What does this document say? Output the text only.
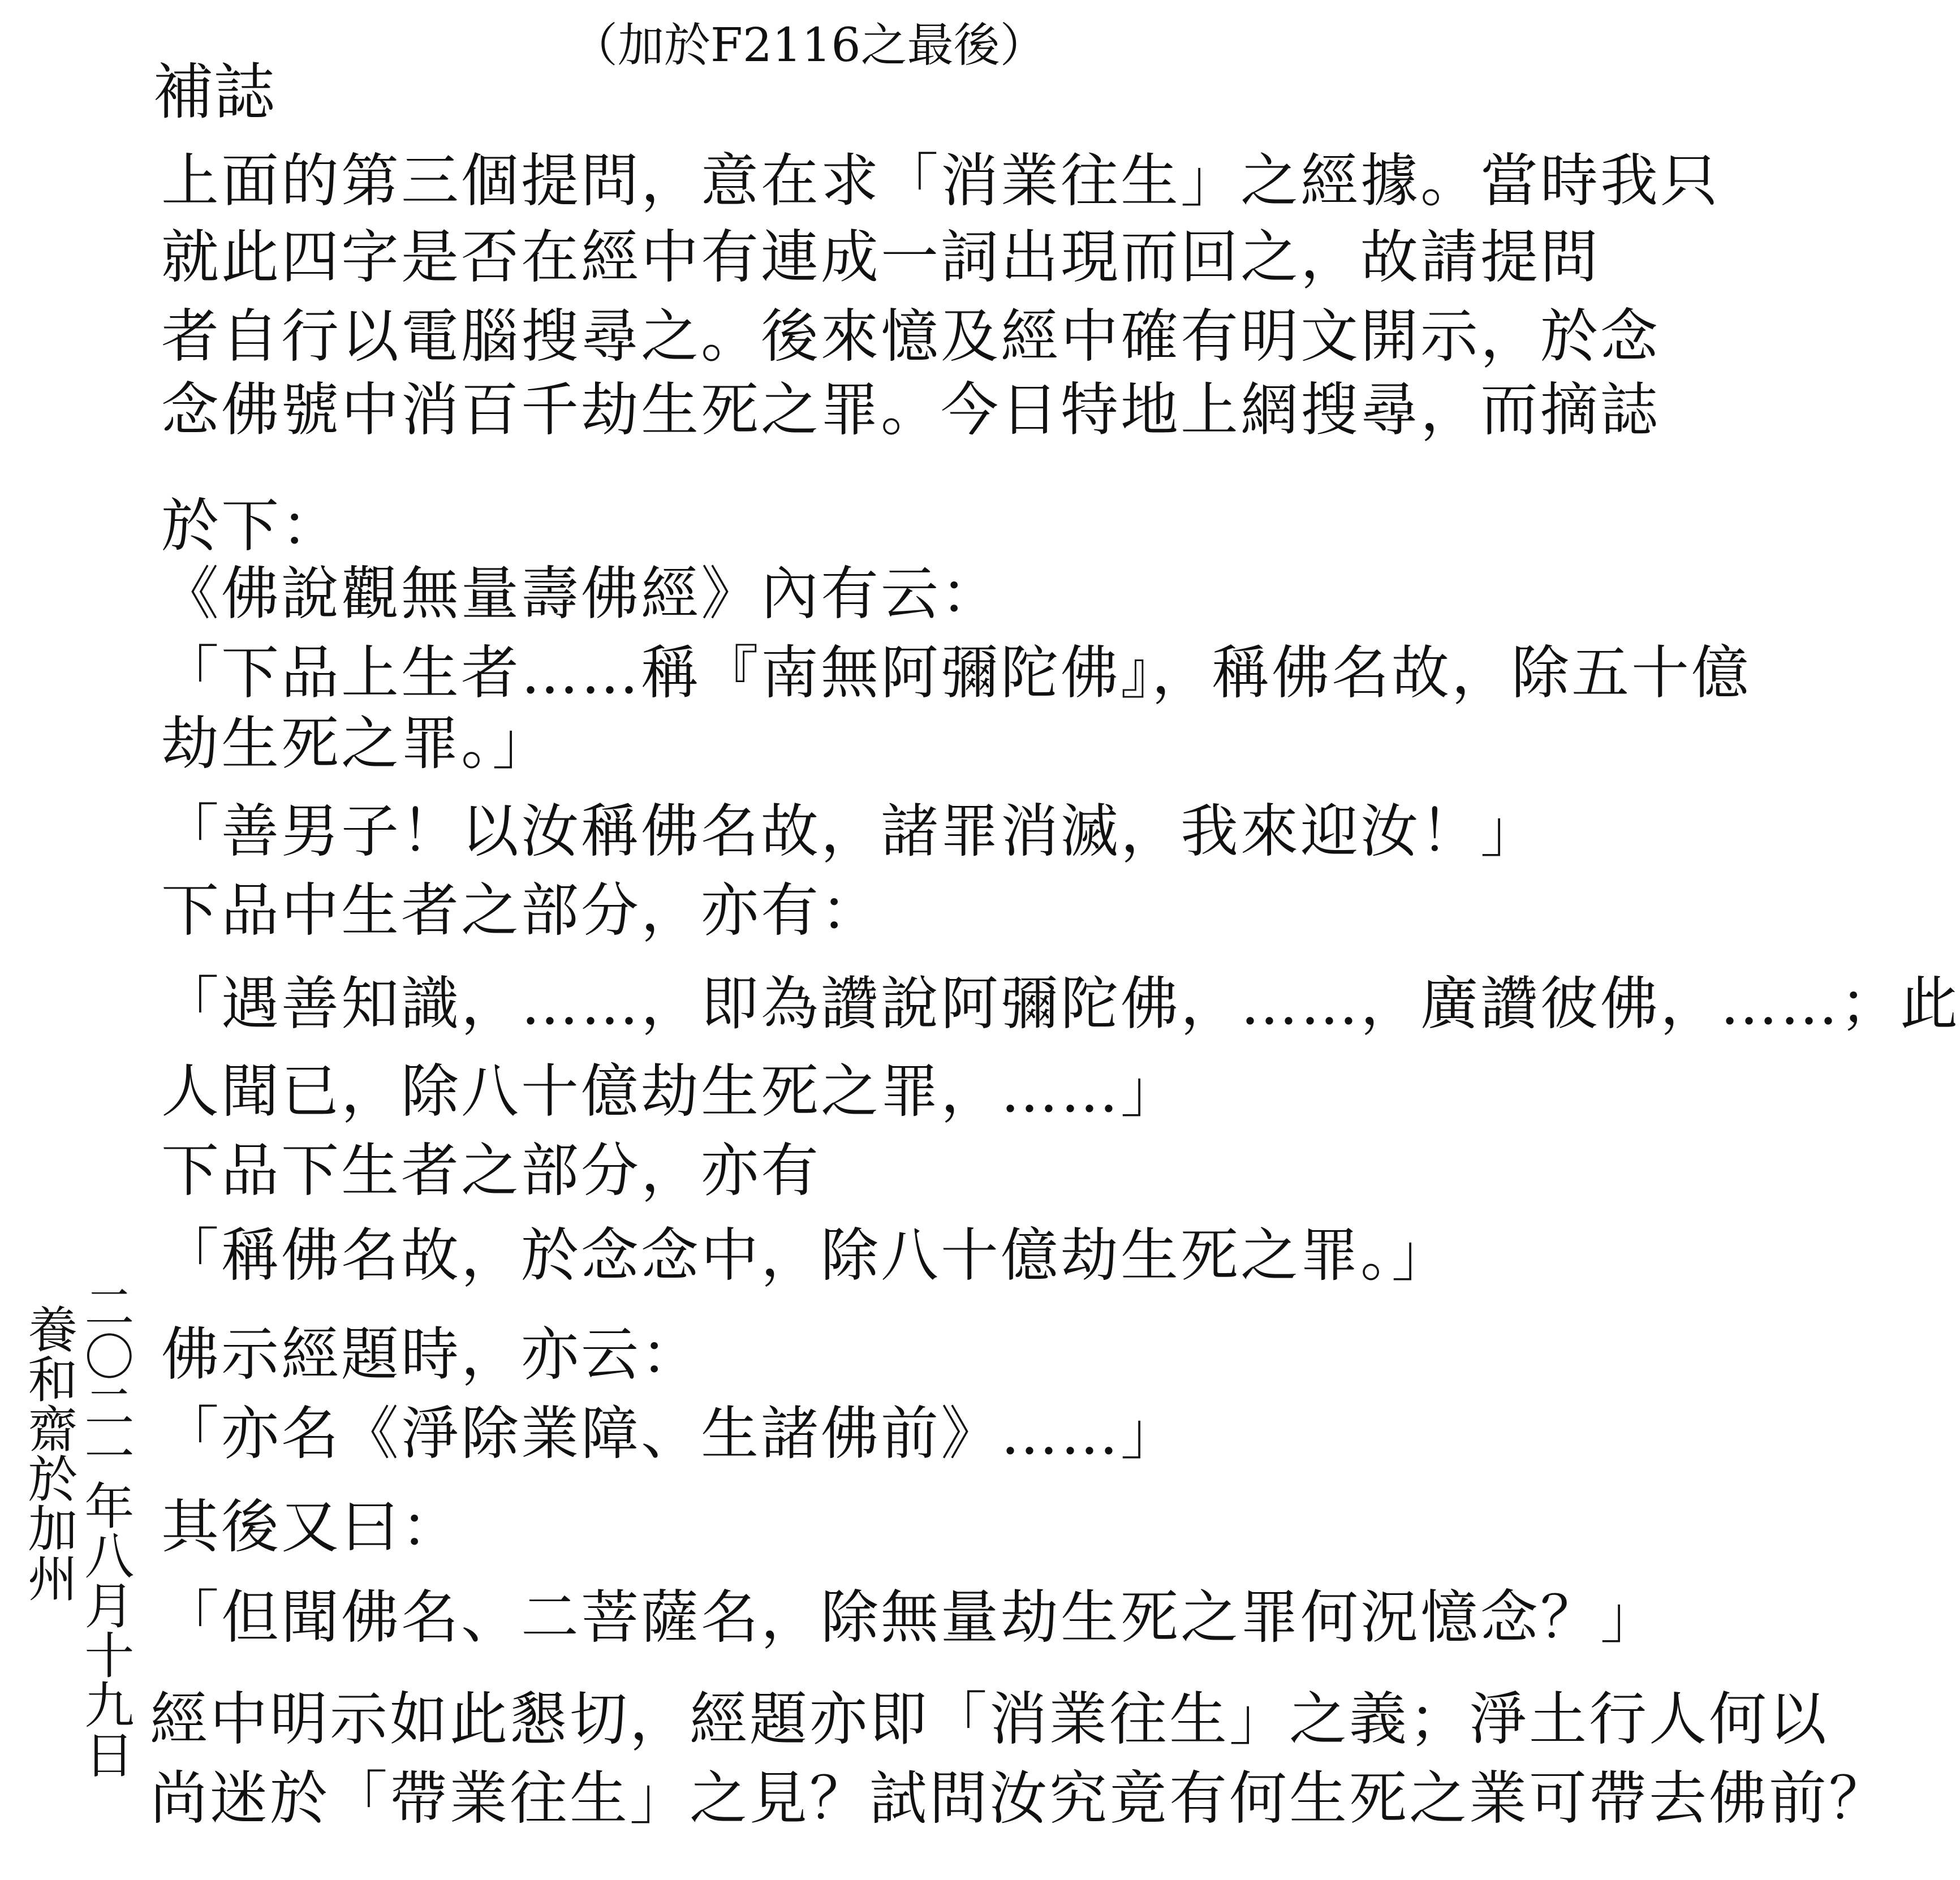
補誌
（加於F2116之最後）
上面的第三個提問，意在求「消業往生」之經據。當時我只
就此四字是否在經中有連成一詞出現而回之，故請提問
者自行以電腦搜尋之。後來憶及經中確有明文開示，於念
念佛號中消百千劫生死之罪。今日特地上網搜尋，而摘誌
於下：
《佛說觀無量壽佛經》內有云：
「下品上生者……稱『南無阿彌陀佛』，稱佛名故，除五十億
劫生死之罪。」
「善男子！以汝稱佛名故，諸罪消滅，我來迎汝！」
下品中生者之部分，亦有：
「遇善知識，……，即為讚說阿彌陀佛，……，廣讚彼佛，……；此
人聞已，除八十億劫生死之罪，……」
下品下生者之部分，亦有
「稱佛名故，於念念中，除八十億劫生死之罪。」
佛示經題時，亦云：
「亦名《淨除業障、生諸佛前》……」
其後又曰：
「但聞佛名、二菩薩名，除無量劫生死之罪何況憶念？」
經中明示如此懇切，經題亦即「消業往生」之義；淨土行人何以
尚迷於「帶業往生」之見？試問汝究竟有何生死之業可帶去佛前？
二〇二一年八月十九日
養和齋於加州
